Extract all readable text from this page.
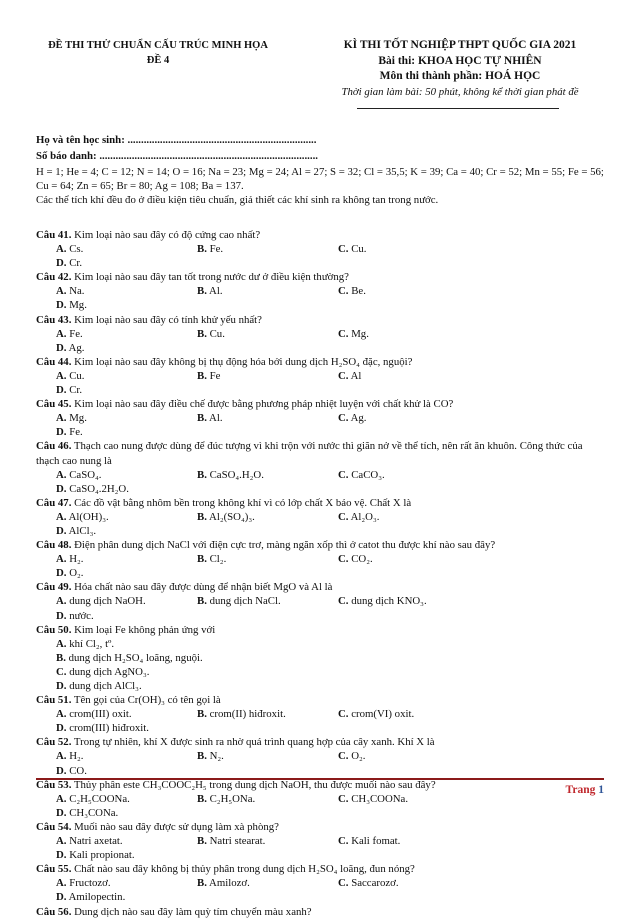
ĐỀ THI THỬ CHUẨN CẤU TRÚC MINH HỌA
ĐỀ 4
KÌ THI TỐT NGHIỆP THPT QUỐC GIA 2021
Bài thi: KHOA HỌC TỰ NHIÊN
Môn thi thành phần: HOÁ HỌC
Thời gian làm bài: 50 phút, không kể thời gian phát đề
Họ và tên học sinh: ......................................................................
Số báo danh: .................................................................................
H = 1; He = 4; C = 12; N = 14; O = 16; Na = 23; Mg = 24; Al = 27; S = 32; Cl = 35,5; K = 39; Ca = 40; Cr = 52; Mn = 55; Fe = 56; Cu = 64; Zn = 65; Br = 80; Ag = 108; Ba = 137.
Các thể tích khí đều đo ở điều kiện tiêu chuẩn, giả thiết các khí sinh ra không tan trong nước.
Câu 41. Kim loại nào sau đây có độ cứng cao nhất?
A. Cs.	B. Fe.	C. Cu.
D. Cr.
Câu 42. Kim loại nào sau đây tan tốt trong nước dư ở điều kiện thường?
A. Na.	B. Al.	C. Be.
D. Mg.
Câu 43. Kim loại nào sau đây có tính khử yếu nhất?
A. Fe.	B. Cu.	C. Mg.
D. Ag.
Câu 44. Kim loại nào sau đây không bị thụ động hóa bởi dung dịch H₂SO₄ đặc, nguội?
A. Cu.	B. Fe	C. Al
D. Cr.
Câu 45. Kim loại nào sau đây điều chế được bằng phương pháp nhiệt luyện với chất khử là CO?
A. Mg.	B. Al.	C. Ag.
D. Fe.
Câu 46. Thạch cao nung được dùng để đúc tượng vì khi trộn với nước thì giãn nở về thể tích, nên rất ăn khuôn. Công thức của thạch cao nung là
A. CaSO₄.	B. CaSO₄.H₂O.	C. CaCO₃.
D. CaSO₄.2H₂O.
Câu 47. Các đồ vật bằng nhôm bền trong không khí vì có lớp chất X bảo vệ. Chất X là
A. Al(OH)₃.	B. Al₂(SO₄)₃.	C. Al₂O₃.
D. AlCl₃.
Câu 48. Điện phân dung dịch NaCl với điện cực trơ, màng ngăn xốp thì ở catot thu được khí nào sau đây?
A. H₂.	B. Cl₂.	C. CO₂.
D. O₂.
Câu 49. Hóa chất nào sau đây được dùng để nhận biết MgO và Al là
A. dung dịch NaOH.	B. dung dịch NaCl.	C. dung dịch KNO₃.
D. nước.
Câu 50. Kim loại Fe không phản ứng với
A. khí Cl₂, tº.
B. dung dịch H₂SO₄ loãng, nguội.
C. dung dịch AgNO₃.
D. dung dịch AlCl₃.
Câu 51. Tên gọi của Cr(OH)₃ có tên gọi là
A. crom(III) oxit.	B. crom(II) hiđroxit.	C. crom(VI) oxit.
D. crom(III) hiđroxit.
Câu 52. Trong tự nhiên, khí X được sinh ra nhờ quá trình quang hợp của cây xanh. Khí X là
A. H₂.	B. N₂.	C. O₂.
D. CO.
Câu 53. Thủy phân este CH₃COOC₂H₅ trong dung dịch NaOH, thu được muối nào sau đây?
A. C₂H₅COONa.	B. C₂H₅ONa.	C. CH₃COONa.
D. CH₃CONa.
Câu 54. Muối nào sau đây được sử dụng làm xà phòng?
A. Natri axetat.	B. Natri stearat.	C. Kali fomat.
D. Kali propionat.
Câu 55. Chất nào sau đây không bị thủy phân trong dung dịch H₂SO₄ loãng, đun nóng?
A. Fructozơ.	B. Amilozơ.	C. Saccarozơ.
D. Amilopectin.
Câu 56. Dung dịch nào sau đây làm quỳ tím chuyển màu xanh?
Trang 1
